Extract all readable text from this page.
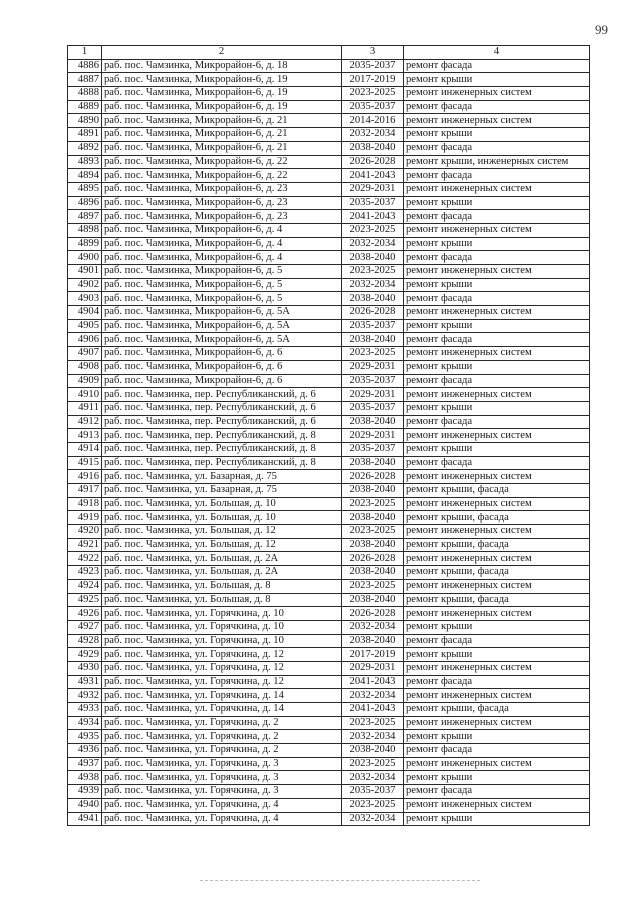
99
1	2	3	4
4886	раб. пос. Чамзинка, Микрорайон-6, д. 18	2035-2037	ремонт фасада
4887	раб. пос. Чамзинка, Микрорайон-6, д. 19	2017-2019	ремонт крыши
4888	раб. пос. Чамзинка, Микрорайон-6, д. 19	2023-2025	ремонт инженерных систем
4889	раб. пос. Чамзинка, Микрорайон-6, д. 19	2035-2037	ремонт фасада
4890	раб. пос. Чамзинка, Микрорайон-6, д. 21	2014-2016	ремонт инженерных систем
4891	раб. пос. Чамзинка, Микрорайон-6, д. 21	2032-2034	ремонт крыши
4892	раб. пос. Чамзинка, Микрорайон-6, д. 21	2038-2040	ремонт фасада
4893	раб. пос. Чамзинка, Микрорайон-6, д. 22	2026-2028	ремонт крыши, инженерных систем
4894	раб. пос. Чамзинка, Микрорайон-6, д. 22	2041-2043	ремонт фасада
4895	раб. пос. Чамзинка, Микрорайон-6, д. 23	2029-2031	ремонт инженерных систем
4896	раб. пос. Чамзинка, Микрорайон-6, д. 23	2035-2037	ремонт крыши
4897	раб. пос. Чамзинка, Микрорайон-6, д. 23	2041-2043	ремонт фасада
4898	раб. пос. Чамзинка, Микрорайон-6, д. 4	2023-2025	ремонт инженерных систем
4899	раб. пос. Чамзинка, Микрорайон-6, д. 4	2032-2034	ремонт крыши
4900	раб. пос. Чамзинка, Микрорайон-6, д. 4	2038-2040	ремонт фасада
4901	раб. пос. Чамзинка, Микрорайон-6, д. 5	2023-2025	ремонт инженерных систем
4902	раб. пос. Чамзинка, Микрорайон-6, д. 5	2032-2034	ремонт крыши
4903	раб. пос. Чамзинка, Микрорайон-6, д. 5	2038-2040	ремонт фасада
4904	раб. пос. Чамзинка, Микрорайон-6, д. 5А	2026-2028	ремонт инженерных систем
4905	раб. пос. Чамзинка, Микрорайон-6, д. 5А	2035-2037	ремонт крыши
4906	раб. пос. Чамзинка, Микрорайон-6, д. 5А	2038-2040	ремонт фасада
4907	раб. пос. Чамзинка, Микрорайон-6, д. 6	2023-2025	ремонт инженерных систем
4908	раб. пос. Чамзинка, Микрорайон-6, д. 6	2029-2031	ремонт крыши
4909	раб. пос. Чамзинка, Микрорайон-6, д. 6	2035-2037	ремонт фасада
4910	раб. пос. Чамзинка, пер. Республиканский, д. 6	2029-2031	ремонт инженерных систем
4911	раб. пос. Чамзинка, пер. Республиканский, д. 6	2035-2037	ремонт крыши
4912	раб. пос. Чамзинка, пер. Республиканский, д. 6	2038-2040	ремонт фасада
4913	раб. пос. Чамзинка, пер. Республиканский, д. 8	2029-2031	ремонт инженерных систем
4914	раб. пос. Чамзинка, пер. Республиканский, д. 8	2035-2037	ремонт крыши
4915	раб. пос. Чамзинка, пер. Республиканский, д. 8	2038-2040	ремонт фасада
4916	раб. пос. Чамзинка, ул. Базарная, д. 75	2026-2028	ремонт инженерных систем
4917	раб. пос. Чамзинка, ул. Базарная, д. 75	2038-2040	ремонт крыши, фасада
4918	раб. пос. Чамзинка, ул. Большая, д. 10	2023-2025	ремонт инженерных систем
4919	раб. пос. Чамзинка, ул. Большая, д. 10	2038-2040	ремонт крыши, фасада
4920	раб. пос. Чамзинка, ул. Большая, д. 12	2023-2025	ремонт инженерных систем
4921	раб. пос. Чамзинка, ул. Большая, д. 12	2038-2040	ремонт крыши, фасада
4922	раб. пос. Чамзинка, ул. Большая, д. 2А	2026-2028	ремонт инженерных систем
4923	раб. пос. Чамзинка, ул. Большая, д. 2А	2038-2040	ремонт крыши, фасада
4924	раб. пос. Чамзинка, ул. Большая, д. 8	2023-2025	ремонт инженерных систем
4925	раб. пос. Чамзинка, ул. Большая, д. 8	2038-2040	ремонт крыши, фасада
4926	раб. пос. Чамзинка, ул. Горячкина, д. 10	2026-2028	ремонт инженерных систем
4927	раб. пос. Чамзинка, ул. Горячкина, д. 10	2032-2034	ремонт крыши
4928	раб. пос. Чамзинка, ул. Горячкина, д. 10	2038-2040	ремонт фасада
4929	раб. пос. Чамзинка, ул. Горячкина, д. 12	2017-2019	ремонт крыши
4930	раб. пос. Чамзинка, ул. Горячкина, д. 12	2029-2031	ремонт инженерных систем
4931	раб. пос. Чамзинка, ул. Горячкина, д. 12	2041-2043	ремонт фасада
4932	раб. пос. Чамзинка, ул. Горячкина, д. 14	2032-2034	ремонт инженерных систем
4933	раб. пос. Чамзинка, ул. Горячкина, д. 14	2041-2043	ремонт крыши, фасада
4934	раб. пос. Чамзинка, ул. Горячкина, д. 2	2023-2025	ремонт инженерных систем
4935	раб. пос. Чамзинка, ул. Горячкина, д. 2	2032-2034	ремонт крыши
4936	раб. пос. Чамзинка, ул. Горячкина, д. 2	2038-2040	ремонт фасада
4937	раб. пос. Чамзинка, ул. Горячкина, д. 3	2023-2025	ремонт инженерных систем
4938	раб. пос. Чамзинка, ул. Горячкина, д. 3	2032-2034	ремонт крыши
4939	раб. пос. Чамзинка, ул. Горячкина, д. 3	2035-2037	ремонт фасада
4940	раб. пос. Чамзинка, ул. Горячкина, д. 4	2023-2025	ремонт инженерных систем
4941	раб. пос. Чамзинка, ул. Горячкина, д. 4	2032-2034	ремонт крыши
